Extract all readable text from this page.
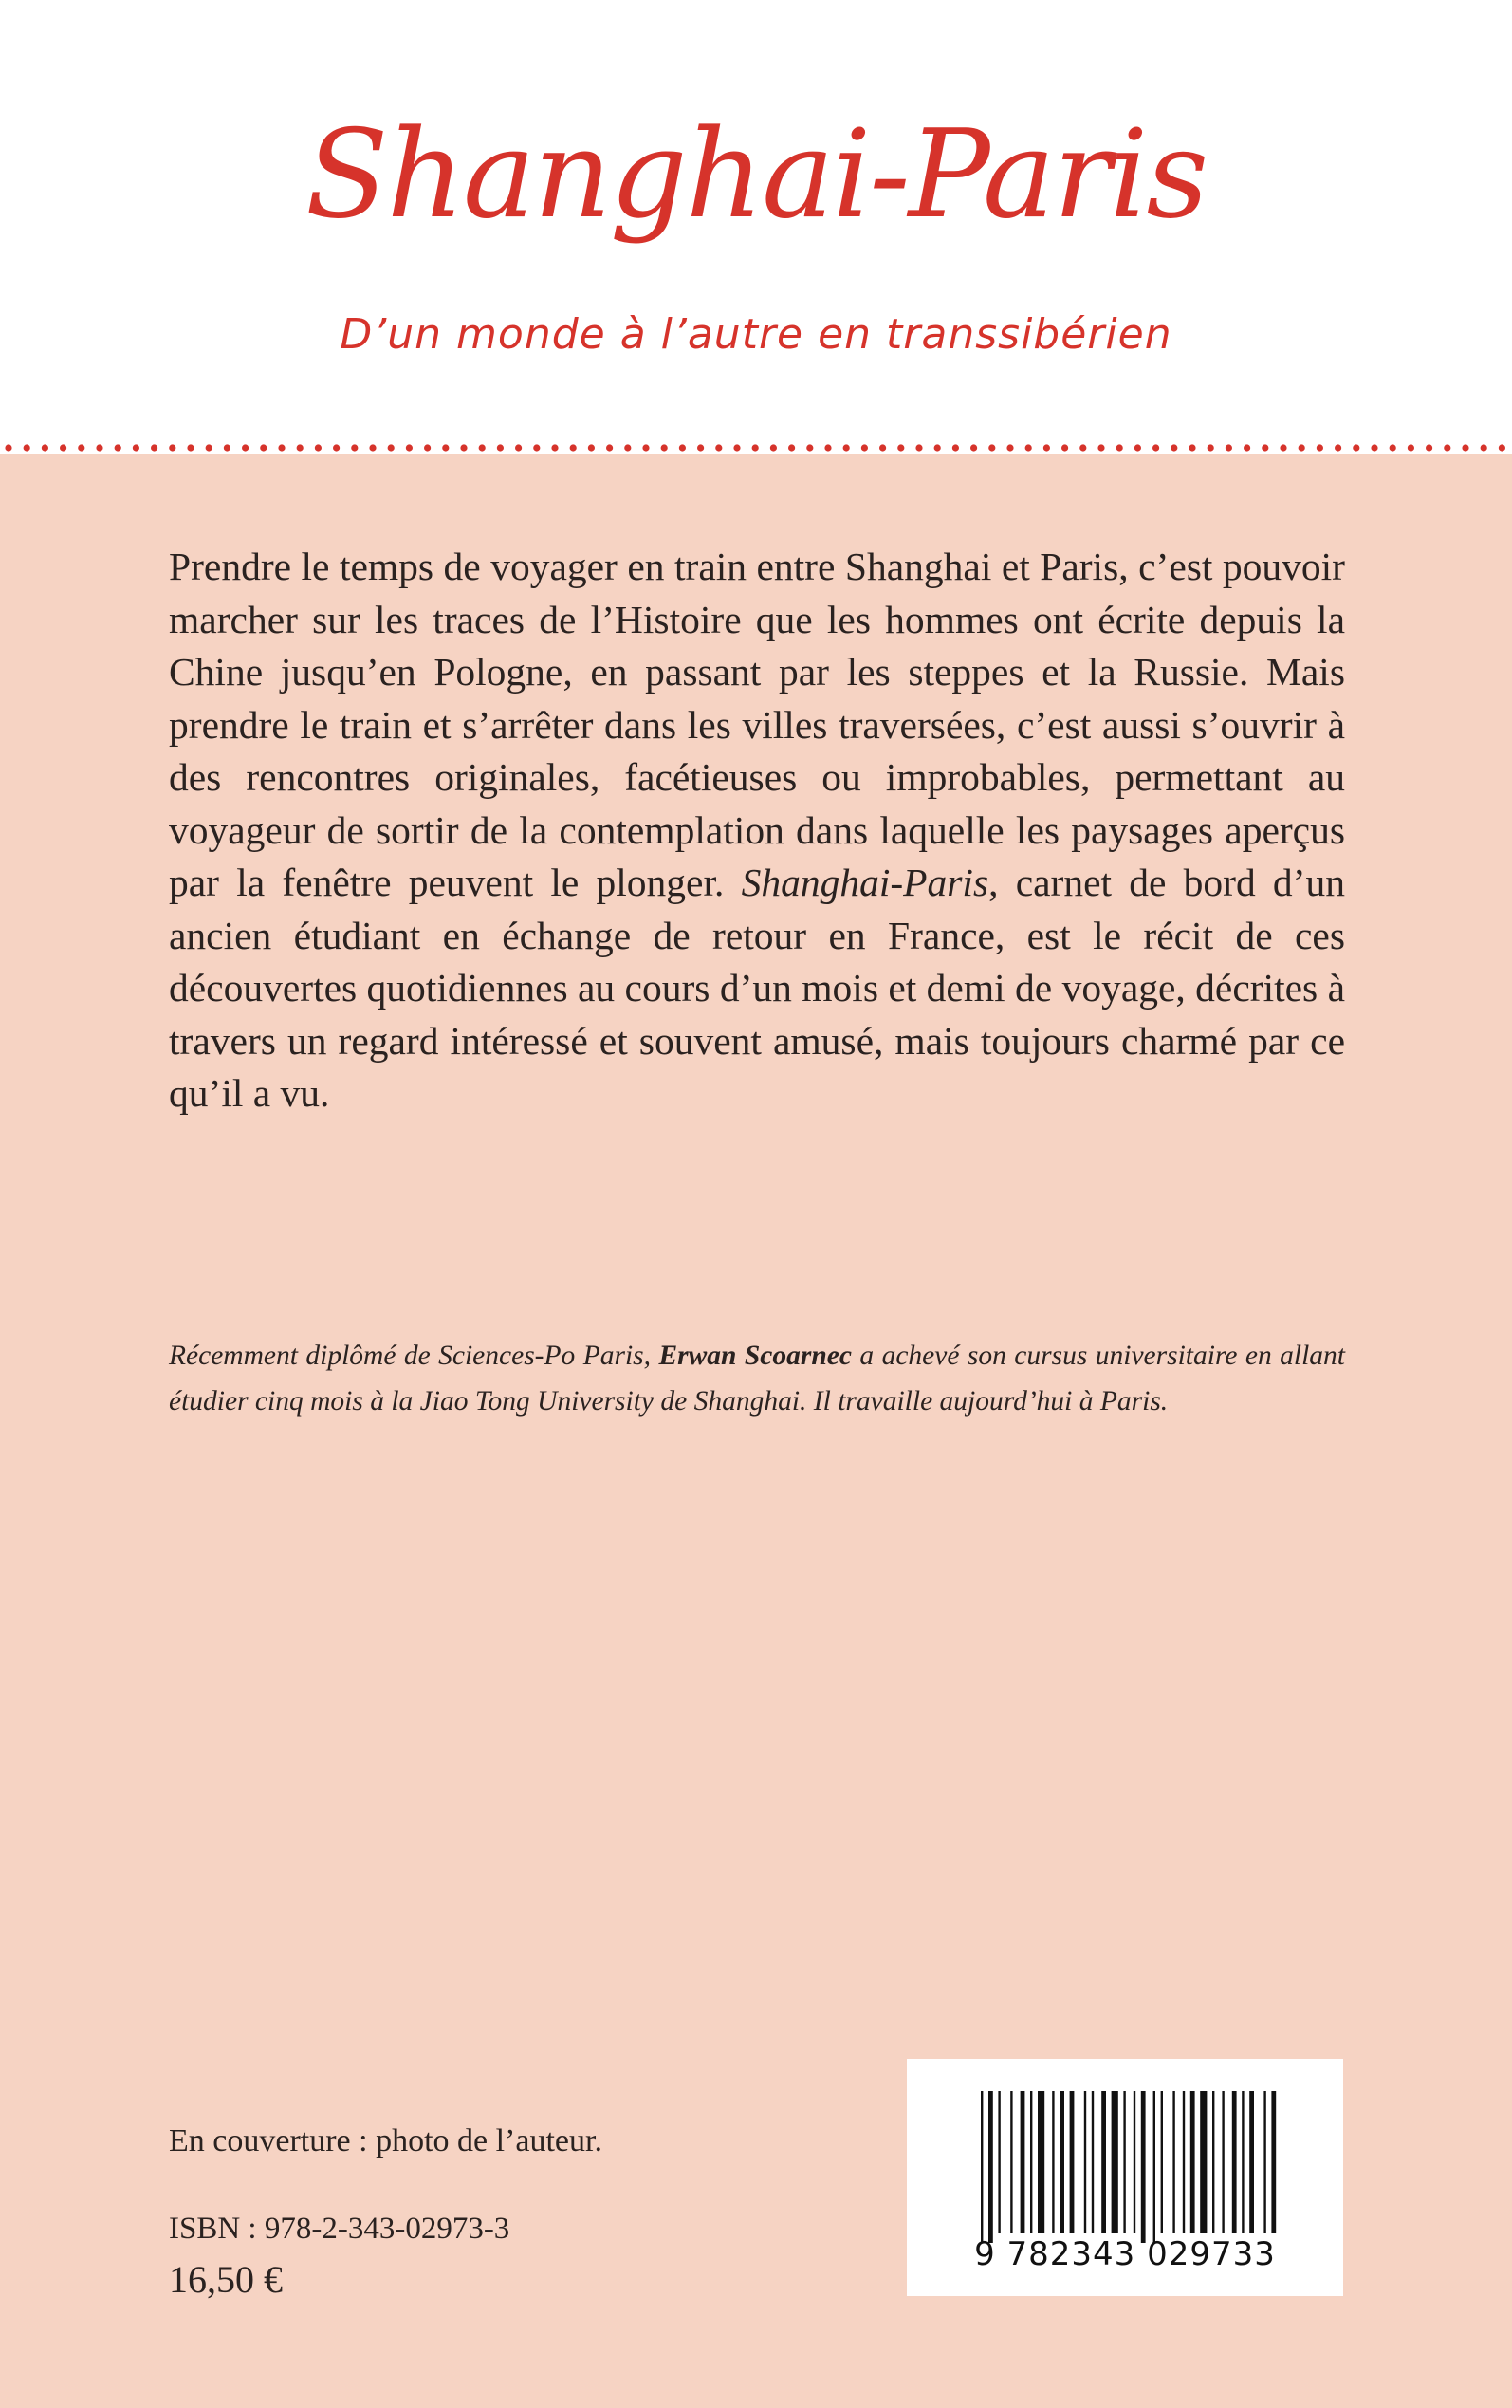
Shanghai-Paris
D’un monde à l’autre en transsibérien

Prendre le temps de voyager en train entre Shanghai et Paris, c’est pouvoir marcher sur les traces de l’Histoire que les hommes ont écrite depuis la Chine jusqu’en Pologne, en passant par les steppes et la Russie. Mais prendre le train et s’arrêter dans les villes traversées, c’est aussi s’ouvrir à des rencontres originales, facétieuses ou improbables, permettant au voyageur de sortir de la contemplation dans laquelle les paysages aperçus par la fenêtre peuvent le plonger. Shanghai-Paris, carnet de bord d’un ancien étudiant en échange de retour en France, est le récit de ces découvertes quotidiennes au cours d’un mois et demi de voyage, décrites à travers un regard intéressé et souvent amusé, mais toujours charmé par ce qu’il a vu.

Récemment diplômé de Sciences-Po Paris, Erwan Scoarnec a achevé son cursus universitaire en allant étudier cinq mois à la Jiao Tong University de Shanghai. Il travaille aujourd’hui à Paris.

En couverture : photo de l’auteur.

ISBN : 978-2-343-02973-3

16,50 €

9 782343 029733
